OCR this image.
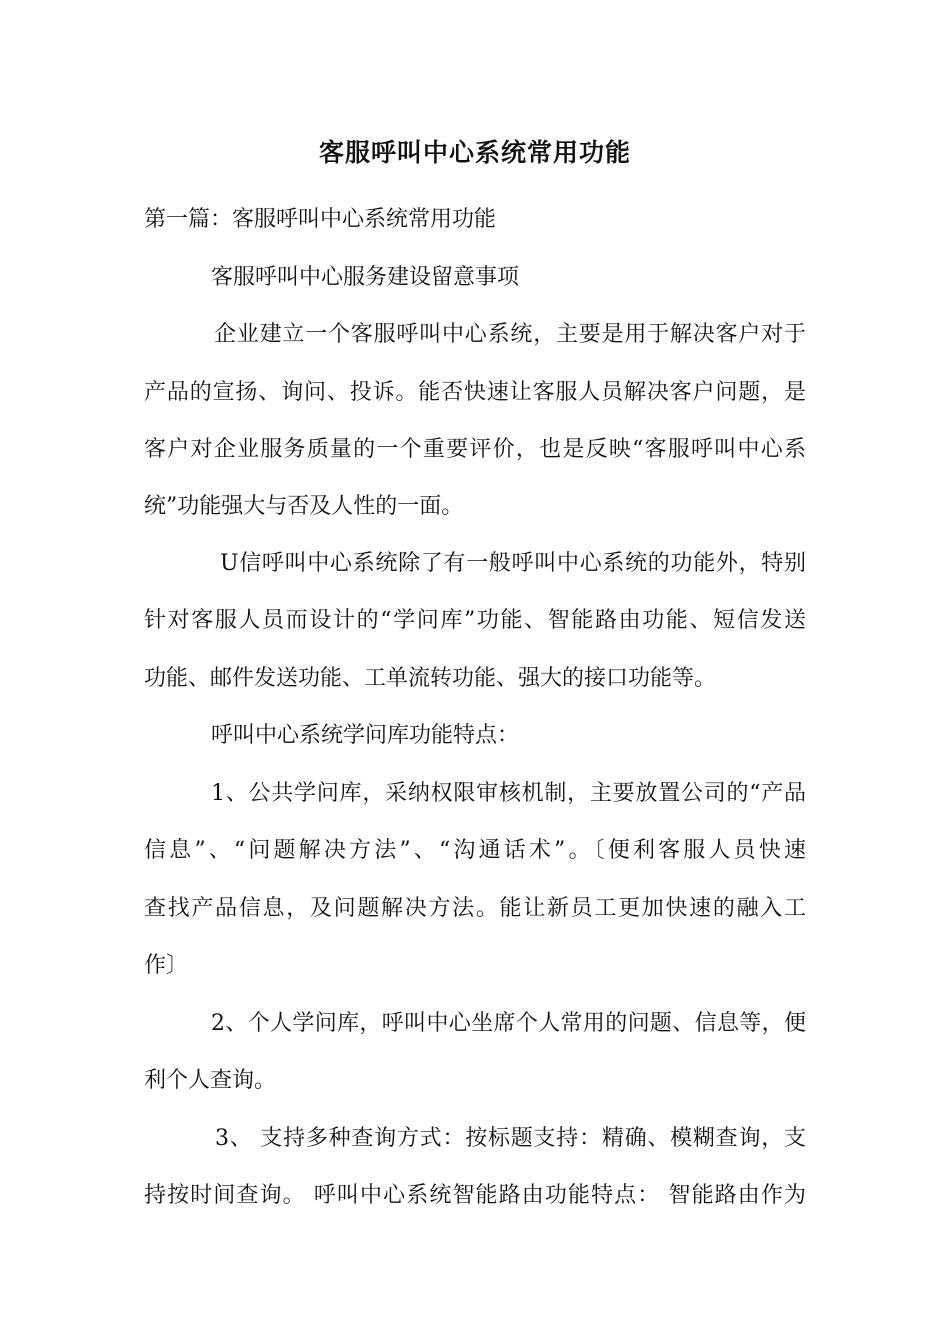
客服呼叫中心系统常用功能
第一篇：客服呼叫中心系统常用功能
客服呼叫中心服务建设留意事项
企业建立一个客服呼叫中心系统，主要是用于解决客户对于
产品的宣扬、询问、投诉。能否快速让客服人员解决客户问题，是
客户对企业服务质量的一个重要评价，也是反映“客服呼叫中心系
统”功能强大与否及人性的一面。
U信呼叫中心系统除了有一般呼叫中心系统的功能外，特别
针对客服人员而设计的“学问库”功能、智能路由功能、短信发送
功能、邮件发送功能、工单流转功能、强大的接口功能等。
呼叫中心系统学问库功能特点：
1、公共学问库，采纳权限审核机制，主要放置公司的“产品
信息”、“问题解决方法”、“沟通话术”。〔便利客服人员快速
查找产品信息，及问题解决方法。能让新员工更加快速的融入工
作〕
2、个人学问库，呼叫中心坐席个人常用的问题、信息等，便
利个人查询。
3、 支持多种查询方式：按标题支持：精确、模糊查询，支
持按时间查询。 呼叫中心系统智能路由功能特点： 智能路由作为
